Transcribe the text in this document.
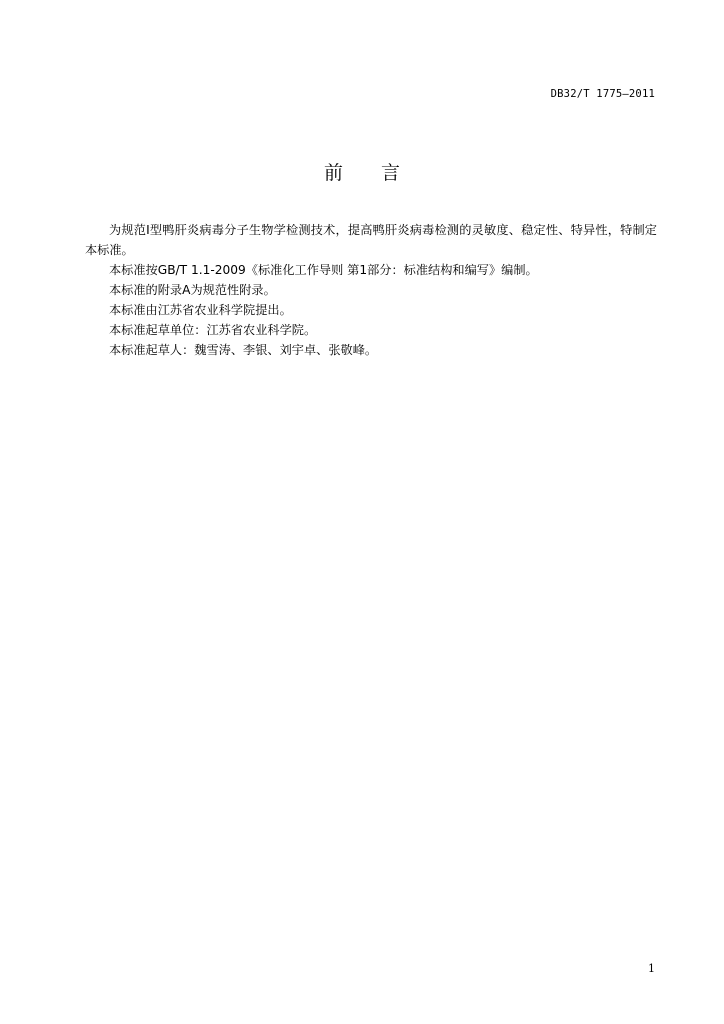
DB32/T 1775—2011
前　　言

为规范Ⅰ型鸭肝炎病毒分子生物学检测技术，提高鸭肝炎病毒检测的灵敏度、稳定性、特异性，特制定本标准。

本标准按GB/T 1.1-2009《标准化工作导则 第1部分：标准结构和编写》编制。

本标准的附录A为规范性附录。

本标准由江苏省农业科学院提出。

本标准起草单位：江苏省农业科学院。

本标准起草人：魏雪涛、李银、刘宇卓、张敬峰。

1
